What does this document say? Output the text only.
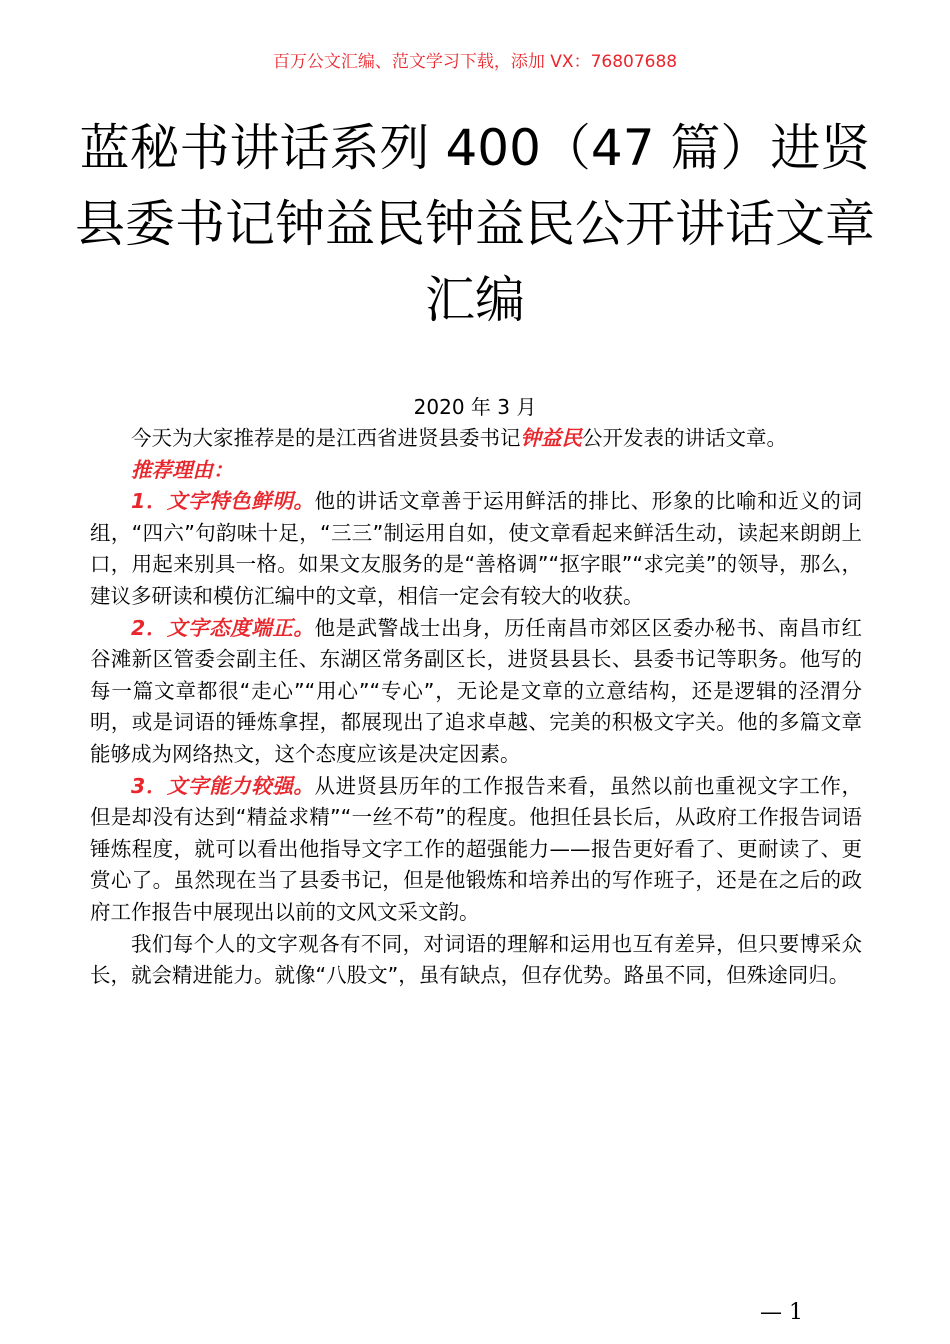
百万公文汇编、范文学习下载，添加 VX：76807688
蓝秘书讲话系列 400（47 篇）进贤县委书记钟益民钟益民公开讲话文章汇编
2020 年 3 月

今天为大家推荐是的是江西省进贤县委书记钟益民公开发表的讲话文章。

推荐理由：

1．文字特色鲜明。他的讲话文章善于运用鲜活的排比、形象的比喻和近义的词组，“四六”句韵味十足，“三三”制运用自如，使文章看起来鲜活生动，读起来朗朗上口，用起来别具一格。如果文友服务的是“善格调”“抠字眼”“求完美”的领导，那么，建议多研读和模仿汇编中的文章，相信一定会有较大的收获。

2．文字态度端正。他是武警战士出身，历任南昌市郊区区委办秘书、南昌市红谷滩新区管委会副主任、东湖区常务副区长，进贤县县长、县委书记等职务。他写的每一篇文章都很“走心”“用心”“专心”，无论是文章的立意结构，还是逻辑的泾渭分明，或是词语的锤炼拿捏，都展现出了追求卓越、完美的积极文字关。他的多篇文章能够成为网络热文，这个态度应该是决定因素。

3．文字能力较强。从进贤县历年的工作报告来看，虽然以前也重视文字工作，但是却没有达到“精益求精”“一丝不苟”的程度。他担任县长后，从政府工作报告词语锤炼程度，就可以看出他指导文字工作的超强能力——报告更好看了、更耐读了、更赏心了。虽然现在当了县委书记，但是他锻炼和培养出的写作班子，还是在之后的政府工作报告中展现出以前的文风文采文韵。

我们每个人的文字观各有不同，对词语的理解和运用也互有差异，但只要博采众长，就会精进能力。就像“八股文”，虽有缺点，但存优势。路虽不同，但殊途同归。

— 1
